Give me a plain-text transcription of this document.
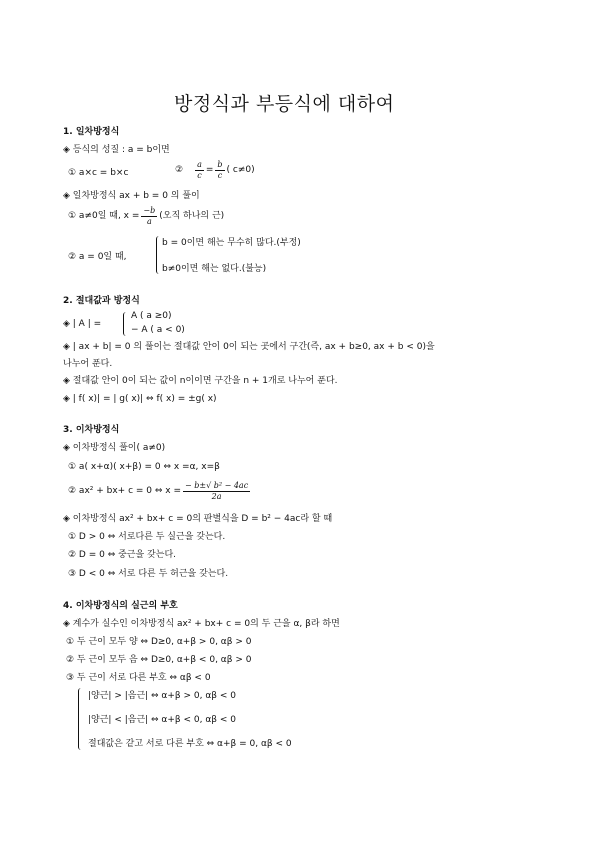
방정식과 부등식에 대하여
1. 일차방정식
◈ 등식의 성질 : a = b이면
① a×c = b×c	② $\frac{a}{c} = \frac{b}{c}$ ( c≠0)
◈ 일차방정식 ax + b = 0 의 풀이
① a≠0일 때, $x = \frac{-b}{a}$ (오직 하나의 근)
② a = 0일 때,
b = 0이면 해는 무수히 많다.(부정)
b≠0이면 해는 없다.(불능)
2. 절대값과 방정식
◈ | A | =
A ( a ≥0)
− A ( a < 0)
◈ | ax + b| = 0 의 풀이는 절대값 안이 0이 되는 곳에서 구간(즉, ax + b≥0, ax + b < 0)을
나누어 푼다.
◈ 절대값 안이 0이 되는 값이 n이이면 구간을 n + 1개로 나누어 푼다.
◈ | f( x)| = | g( x)| ⇔ f( x) = ±g( x)
3. 이차방정식
◈ 이차방정식 풀이( a≠0)
① a( x+α)( x+β) = 0 ⇔ x =α, x=β
② ax² + bx+ c = 0 ⇔ $x = \frac{\text{− b±√ b² − 4ac}}{2a}$
◈ 이차방정식 ax² + bx+ c = 0의 판별식을 D = b² − 4ac라 할 때
① D > 0 ⇔ 서로다른 두 실근을 갖는다.
② D = 0 ⇔ 중근을 갖는다.
③ D < 0 ⇔ 서로 다른 두 허근을 갖는다.
4. 이차방정식의 실근의 부호
◈ 계수가 실수인 이차방정식 ax² + bx+ c = 0의 두 근을 α, β라 하면
① 두 근이 모두 양 ⇔ D≥0, α+β > 0, αβ > 0
② 두 근이 모두 음 ⇔ D≥0, α+β < 0, αβ > 0
③ 두 근이 서로 다른 부호 ⇔ αβ < 0
|양근| > |음근| ⇔ α+β > 0, αβ < 0
|양근| < |음근| ⇔ α+β < 0, αβ < 0
절대값은 같고 서로 다른 부호 ⇔ α+β = 0, αβ < 0
